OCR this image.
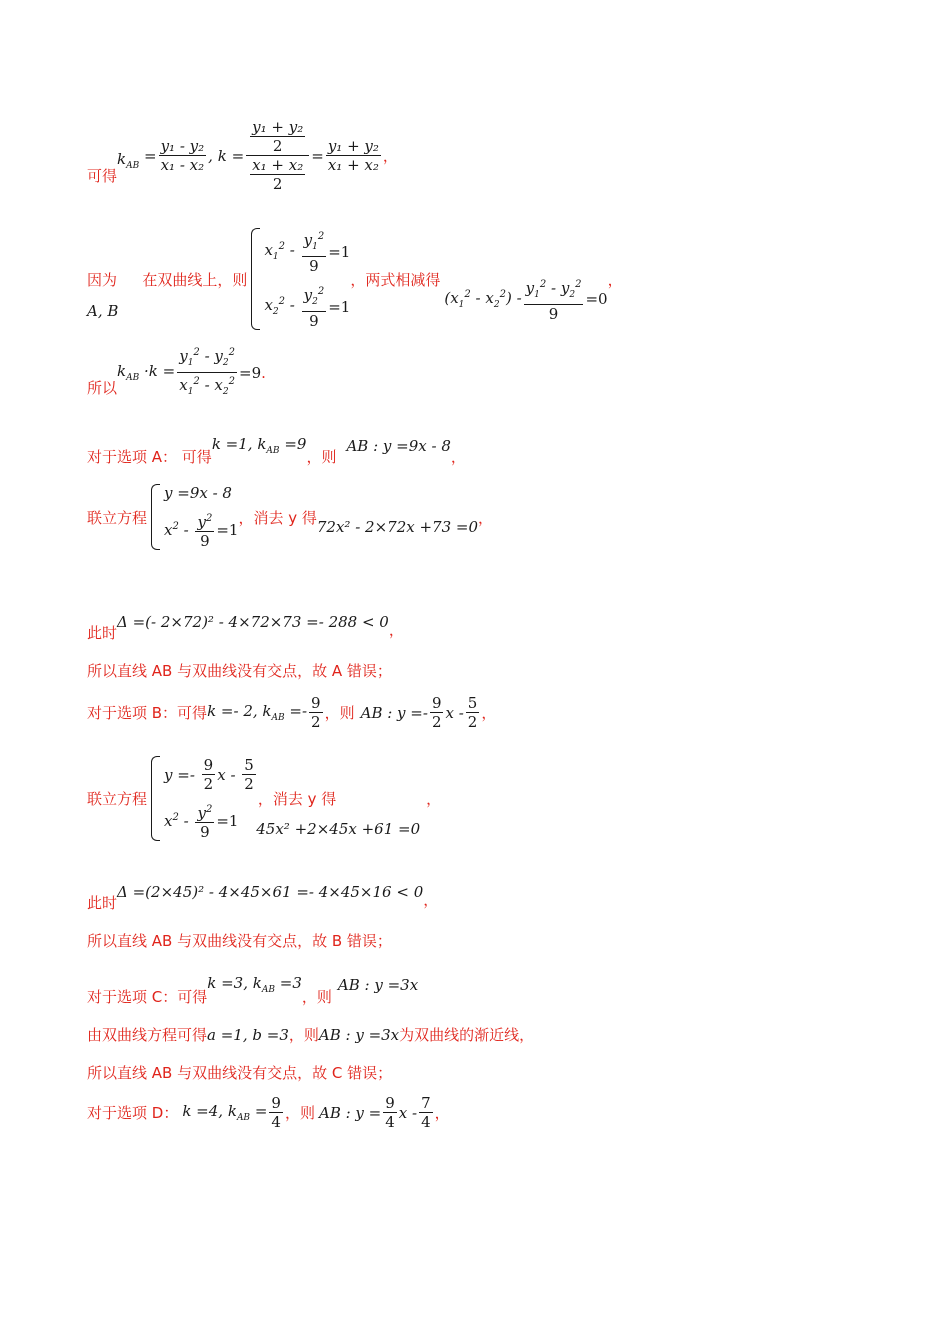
可得
$k_{AB}$
= $\frac{\text{y₁ - y₂}}{\text{x₁ - x₂}}$ , $k = \frac{\frac{\text{y₁ + y₂}}{2}}{\frac{\text{x₁ + x₂}}{2}} = \frac{\text{y₁ + y₂}}{\text{x₁ + x₂}}$ ，
因为
A, B
在双曲线上，则
$x_1^2 - \frac{y_1^2}{9} =1$
$x_2^2 - \frac{y_2^2}{9} =1$
，两式相减得
$(x_1^2 - x_2^2) - \frac{y_1^2 - y_2^2}{9} =0$
，
所以
$k_{AB} \cdot k = \frac{y_1^2 - y_2^2}{x_1^2 - x_2^2} =9$ .
对于选项 A： 可得
k =1, $k_{AB} =9$
，则
AB : y =9x - 8
，
联立方程
y =9x - 8
$x^2 - \frac{y^2}{9} =1$
，消去 y 得
72x² - 2×72x +73 =0
，
此时
Δ =(- 2×72)² - 4×72×73 =- 288 < 0 ，
所以直线 AB 与双曲线没有交点，故 A 错误；
对于选项 B：可得 k =- 2, $k_{AB} =- \frac{9}{2}$ ，则 AB : $y =- \frac{9}{2}$ x - $\frac{5}{2}$ ，
联立方程
$y =- \frac{9}{2}$ x - $\frac{5}{2}$
$x^2 - \frac{y^2}{9} =1$
，消去 y 得
45x² +2×45x +61 =0
，
此时
Δ =(2×45)² - 4×45×61 =- 4×45×16 < 0 ，
所以直线 AB 与双曲线没有交点，故 B 错误；
对于选项 C：可得
k =3, $k_{AB} =3$
，则
AB : y =3x
由双曲线方程可得 a =1, b =3 ，则 AB : y =3x 为双曲线的渐近线，
所以直线 AB 与双曲线没有交点，故 C 错误；
对于选项 D： k =4, $k_{AB} = \frac{9}{4}$ ，则 AB : $y = \frac{9}{4}$ x - $\frac{7}{4}$ ，
